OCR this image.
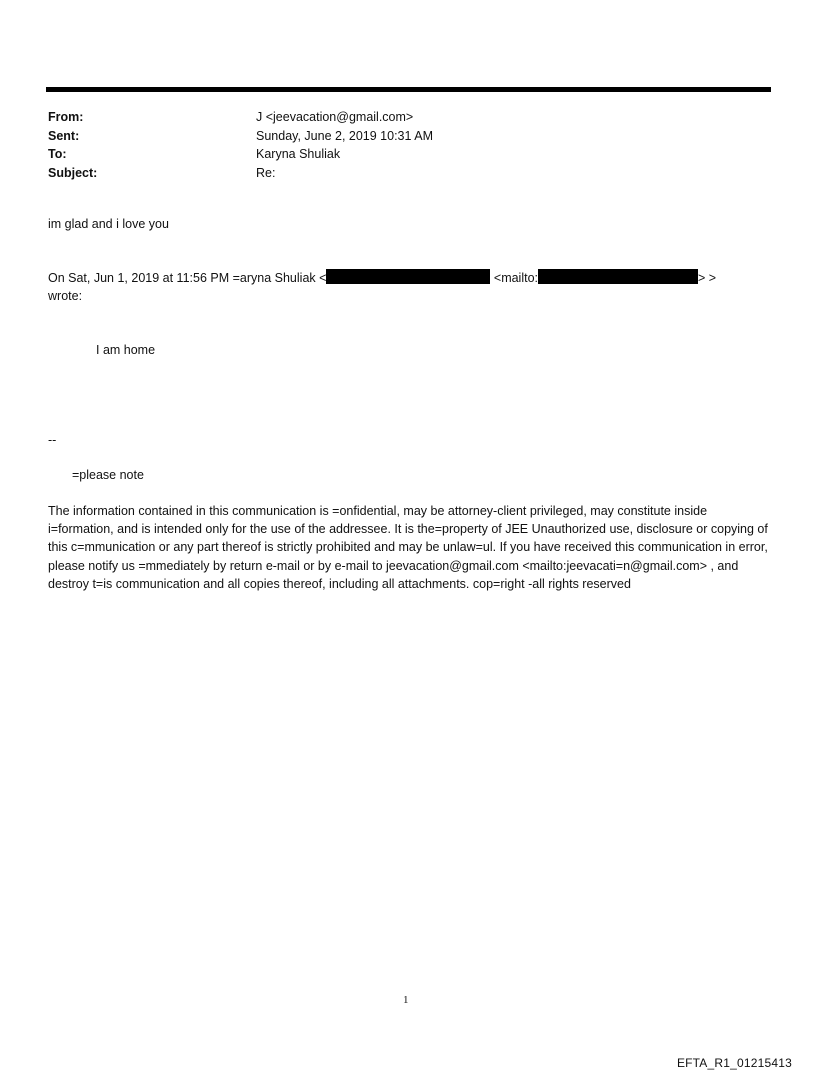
From:	J <jeevacation@gmail.com>
Sent:	Sunday, June 2, 2019 10:31 AM
To:	Karyna Shuliak
Subject:	Re:
im glad and i love you
On Sat, Jun 1, 2019 at 11:56 PM =aryna Shuliak <	<mailto:	> >
wrote:
I am home
--
=please note
The information contained in this communication is =onfidential, may be attorney-client privileged, may constitute inside i=formation, and is intended only for the use of the addressee. It is the=property of JEE Unauthorized use, disclosure or copying of this c=mmunication or any part thereof is strictly prohibited and may be unlaw=ul. If you have received this communication in error, please notify us =mmediately by return e-mail or by e-mail to jeevacation@gmail.com <mailto:jeevacati=n@gmail.com> , and destroy t=is communication and all copies thereof, including all attachments. cop=right -all rights reserved
1
EFTA_R1_01215413
